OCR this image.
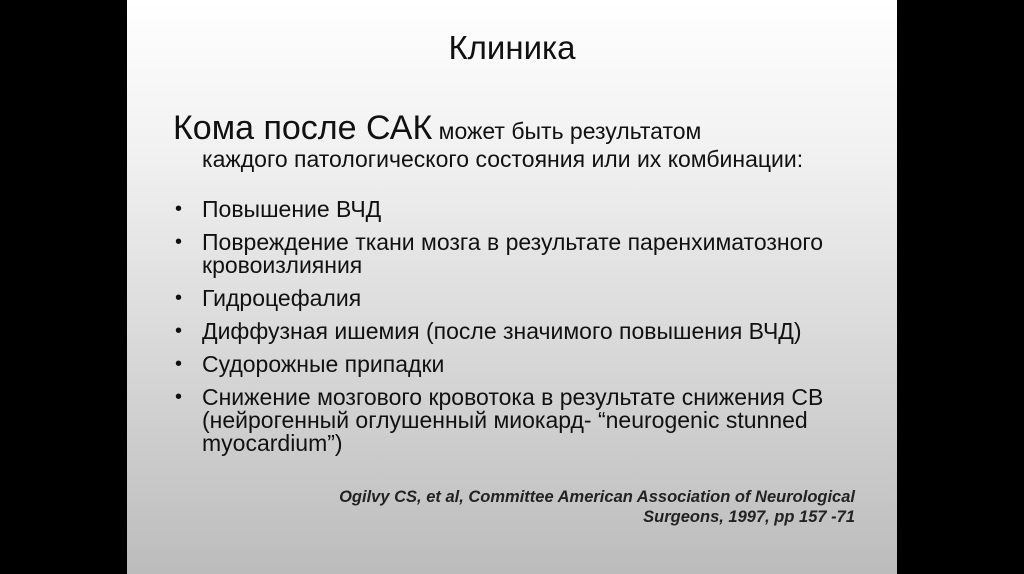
Клиника
Кома после САК может быть результатом
каждого патологического состояния или их комбинации:
• Повышение ВЧД
• Повреждение ткани мозга в результате паренхиматозного кровоизлияния
• Гидроцефалия
• Диффузная ишемия (после значимого повышения ВЧД)
• Судорожные припадки
• Снижение мозгового кровотока в результате снижения СВ (нейрогенный оглушенный миокард- “neurogenic stunned myocardium”)
Ogilvy CS, et al, Committee American Association of Neurological
Surgeons, 1997, pp 157 -71
